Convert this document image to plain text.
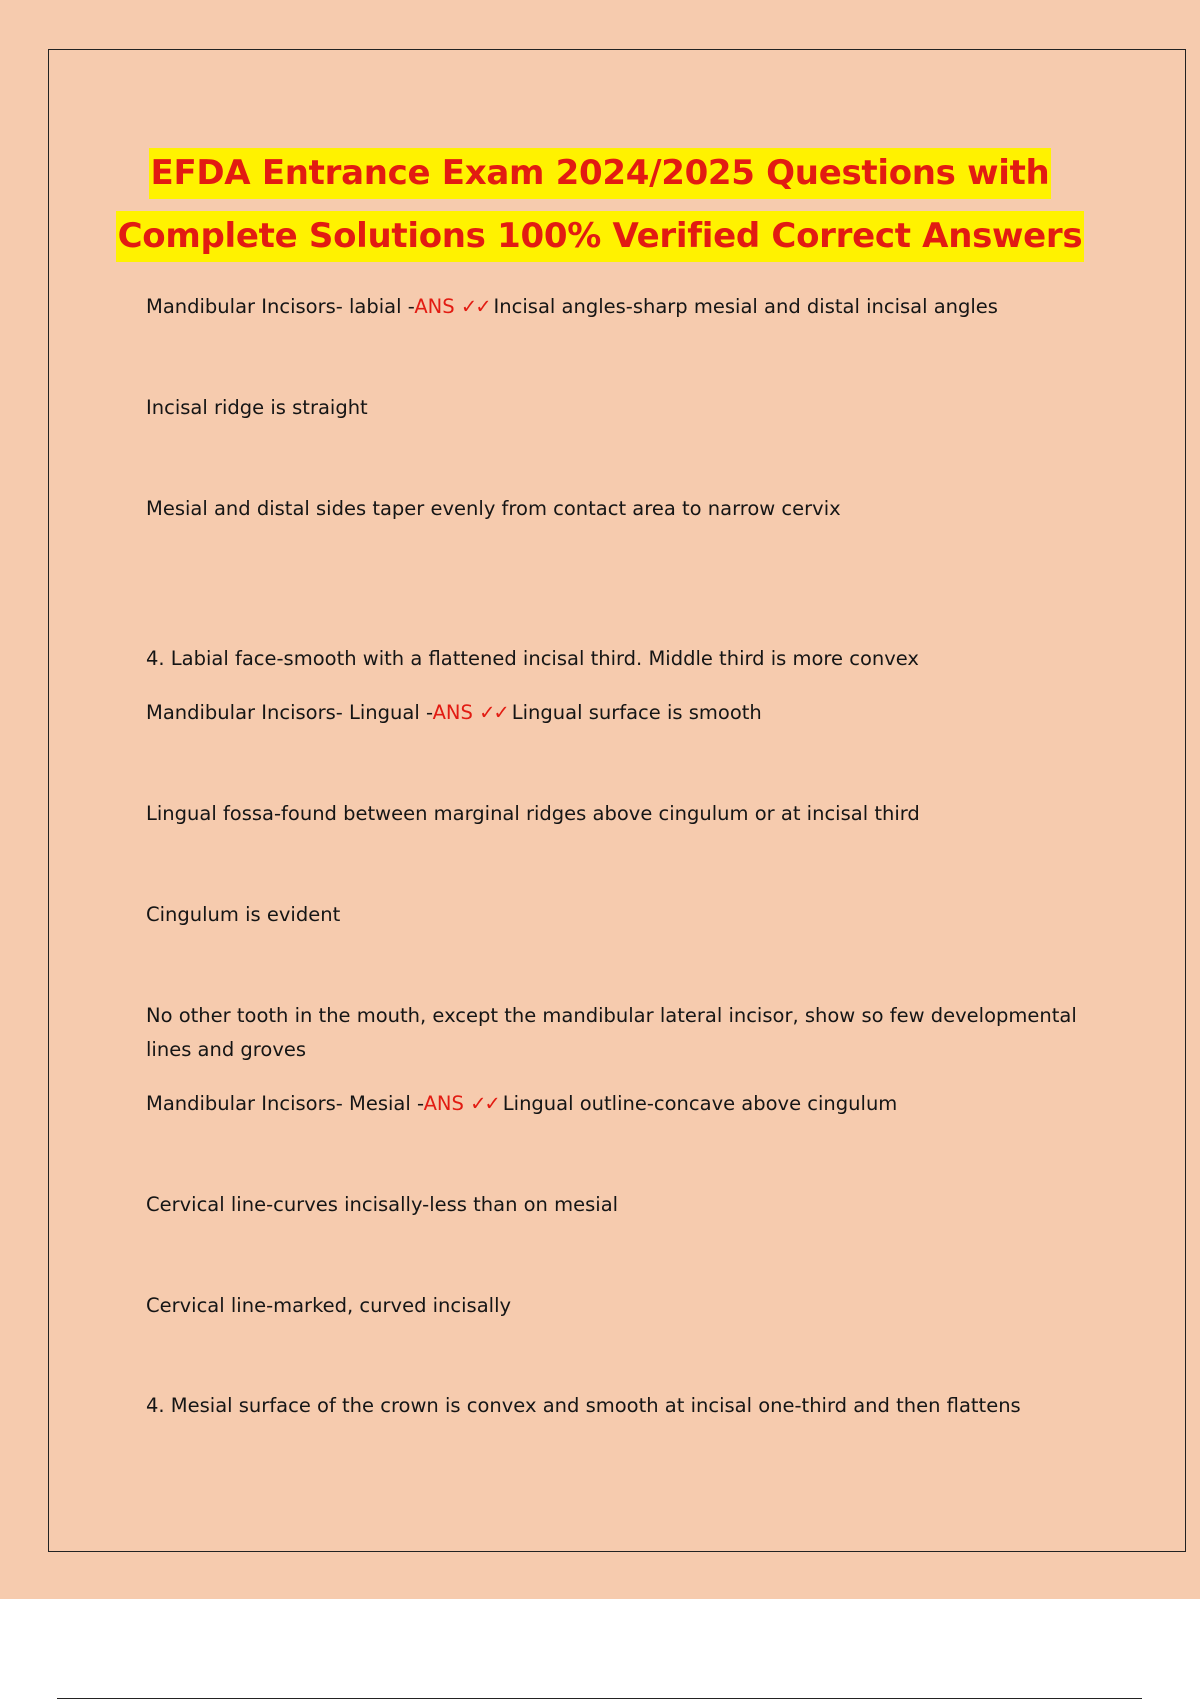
EFDA Entrance Exam 2024/2025 Questions with
Complete Solutions 100% Verified Correct Answers
Mandibular Incisors- labial -ANS ✓✓ Incisal angles-sharp mesial and distal incisal angles
Incisal ridge is straight
Mesial and distal sides taper evenly from contact area to narrow cervix
4. Labial face-smooth with a flattened incisal third. Middle third is more convex
Mandibular Incisors- Lingual -ANS ✓✓ Lingual surface is smooth
Lingual fossa-found between marginal ridges above cingulum or at incisal third
Cingulum is evident
No other tooth in the mouth, except the mandibular lateral incisor, show so few developmental lines and groves
Mandibular Incisors- Mesial -ANS ✓✓ Lingual outline-concave above cingulum
Cervical line-curves incisally-less than on mesial
Cervical line-marked, curved incisally
4. Mesial surface of the crown is convex and smooth at incisal one-third and then flattens
